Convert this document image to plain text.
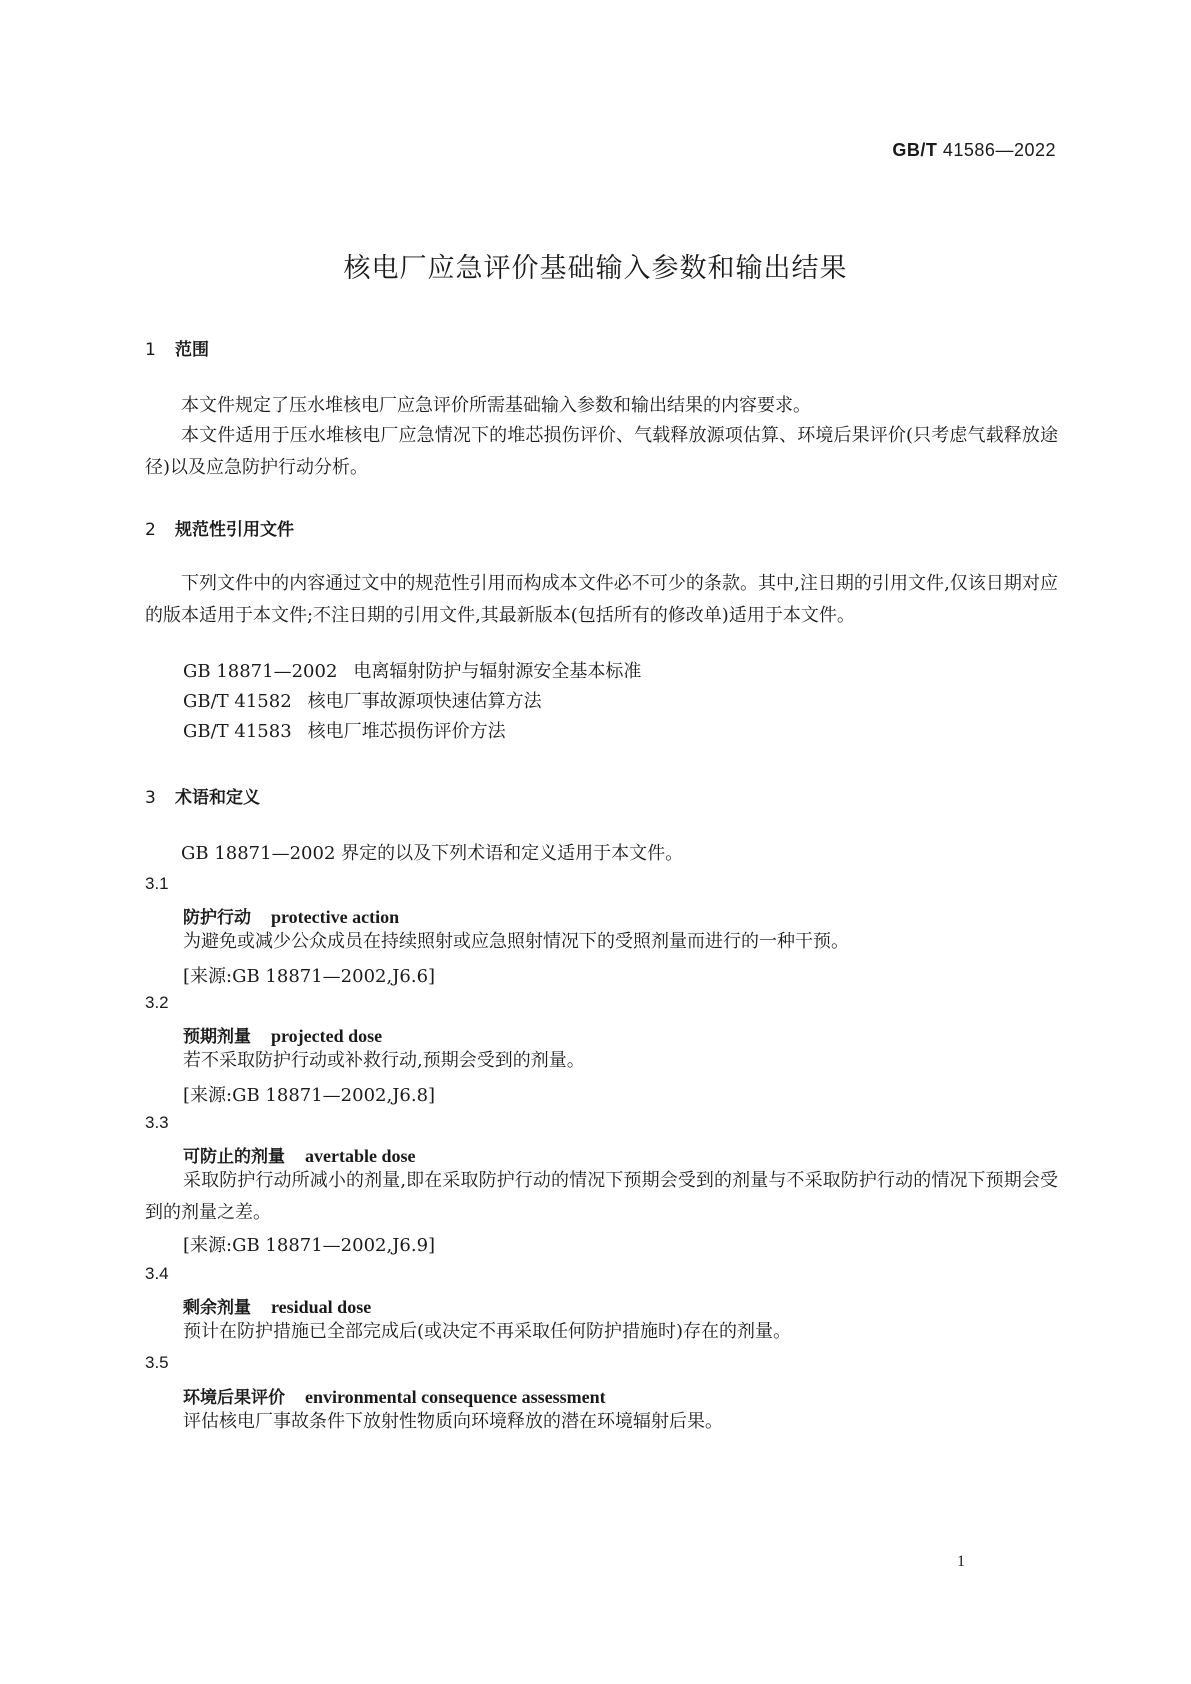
GB/T 41586—2022
核电厂应急评价基础输入参数和输出结果
1 范围

本文件规定了压水堆核电厂应急评价所需基础输入参数和输出结果的内容要求。

本文件适用于压水堆核电厂应急情况下的堆芯损伤评价、气载释放源项估算、环境后果评价(只考虑气载释放途径)以及应急防护行动分析。

2 规范性引用文件

下列文件中的内容通过文中的规范性引用而构成本文件必不可少的条款。其中,注日期的引用文件,仅该日期对应的版本适用于本文件;不注日期的引用文件,其最新版本(包括所有的修改单)适用于本文件。

GB 18871—2002 电离辐射防护与辐射源安全基本标准
GB/T 41582 核电厂事故源项快速估算方法
GB/T 41583 核电厂堆芯损伤评价方法
3 术语和定义

GB 18871—2002 界定的以及下列术语和定义适用于本文件。

3.1
防护行动 protective action

为避免或减少公众成员在持续照射或应急照射情况下的受照剂量而进行的一种干预。

[来源:GB 18871—2002,J6.6]
3.2
预期剂量 projected dose

若不采取防护行动或补救行动,预期会受到的剂量。

[来源:GB 18871—2002,J6.8]
3.3
可防止的剂量 avertable dose

采取防护行动所减小的剂量,即在采取防护行动的情况下预期会受到的剂量与不采取防护行动的情况下预期会受到的剂量之差。

[来源:GB 18871—2002,J6.9]
3.4
剩余剂量 residual dose

预计在防护措施已全部完成后(或决定不再采取任何防护措施时)存在的剂量。

3.5
环境后果评价 environmental consequence assessment

评估核电厂事故条件下放射性物质向环境释放的潜在环境辐射后果。

1
